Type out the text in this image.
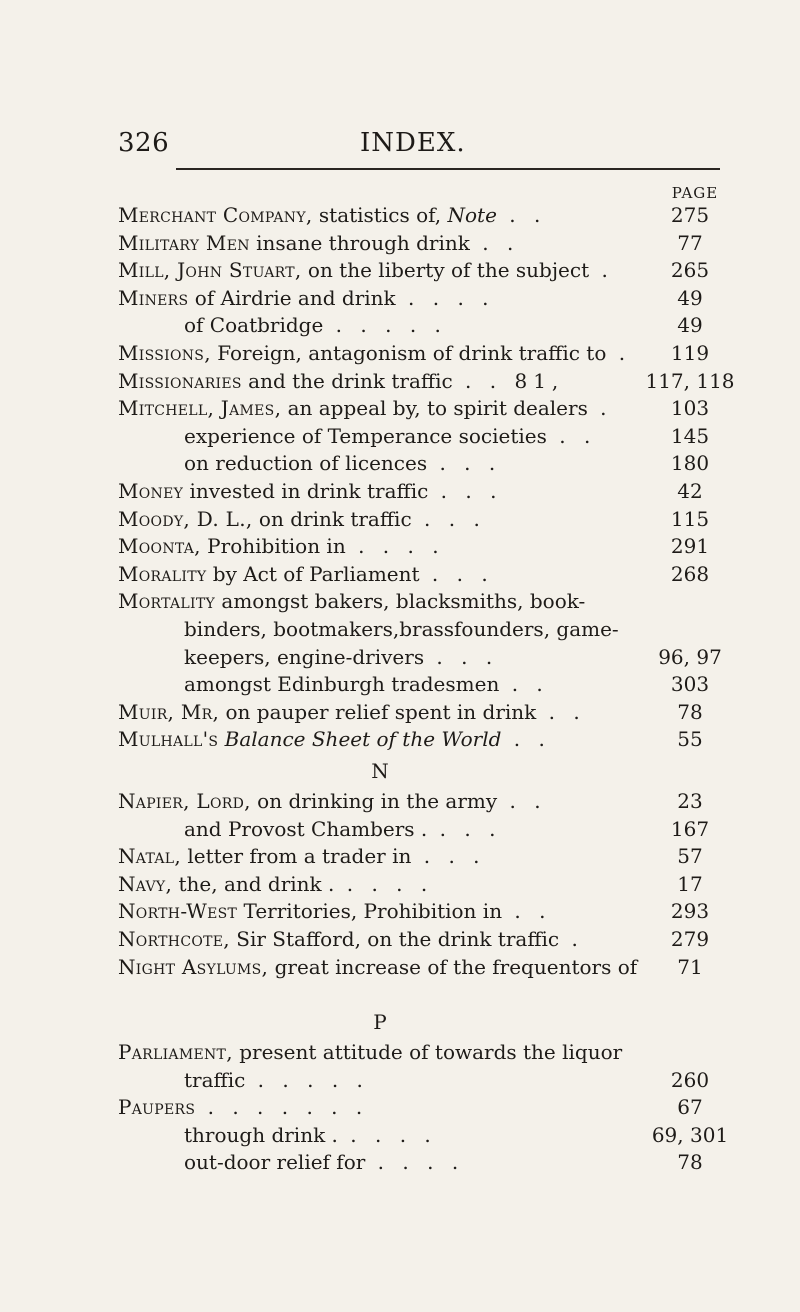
326	INDEX.
PAGE
N
P
Merchant Company, statistics of, Note . .	275
Military Men insane through drink . .	77
Mill, John Stuart, on the liberty of the subject .	265
Miners of Airdrie and drink . . . .	49
of Coatbridge . . . . .	49
Missions, Foreign, antagonism of drink traffic to .	119
Missionaries and the drink traffic . . 81,	117, 118
Mitchell, James, an appeal by, to spirit dealers .	103
experience of Temperance societies . .	145
on reduction of licences . . .	180
Money invested in drink traffic . . .	42
Moody, D. L., on drink traffic . . .	115
Moonta, Prohibition in . . . .	291
Morality by Act of Parliament . . .	268
Mortality amongst bakers, blacksmiths, book-
binders, bootmakers,brassfounders, game-
keepers, engine-drivers . . .	96, 97
amongst Edinburgh tradesmen . .	303
Muir, Mr, on pauper relief spent in drink . .	78
Mulhall's Balance Sheet of the World . .	55
Napier, Lord, on drinking in the army . .	23
and Provost Chambers . . . .	167
Natal, letter from a trader in . . .	57
Navy, the, and drink . . . . .	17
North-West Territories, Prohibition in . .	293
Northcote, Sir Stafford, on the drink traffic .	279
Night Asylums, great increase of the frequentors of	71
Parliament, present attitude of towards the liquor
traffic . . . . .	260
Paupers . . . . . . .	67
through drink . . . . .	69, 301
out-door relief for . . . .	78
